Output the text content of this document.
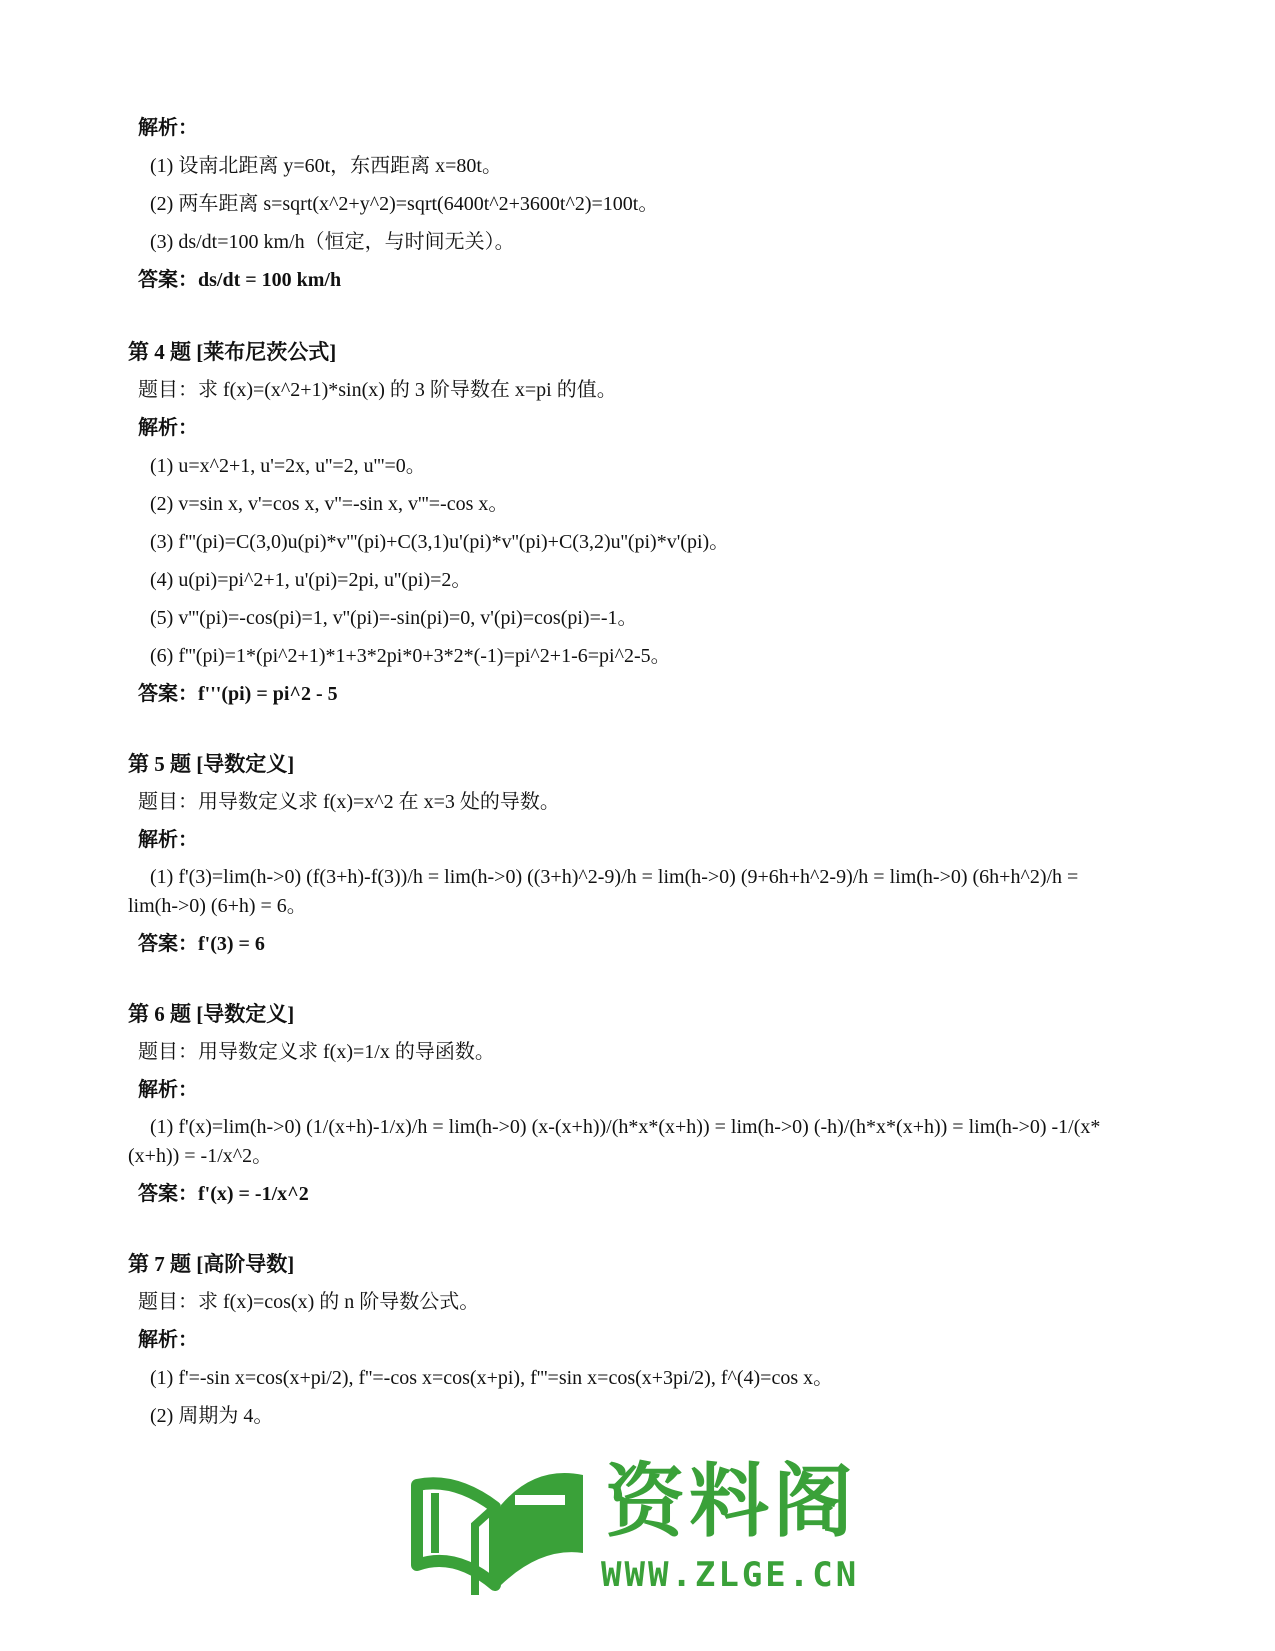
解析：
(1) 设南北距离 y=60t，东西距离 x=80t。
(2) 两车距离 s=sqrt(x^2+y^2)=sqrt(6400t^2+3600t^2)=100t。
(3) ds/dt=100 km/h（恒定，与时间无关）。
答案：ds/dt = 100 km/h
第 4 题 [莱布尼茨公式]
题目：求 f(x)=(x^2+1)*sin(x) 的 3 阶导数在 x=pi 的值。
解析：
(1) u=x^2+1, u'=2x, u''=2, u'''=0。
(2) v=sin x, v'=cos x, v''=-sin x, v'''=-cos x。
(3) f'''(pi)=C(3,0)u(pi)*v'''(pi)+C(3,1)u'(pi)*v''(pi)+C(3,2)u''(pi)*v'(pi)。
(4) u(pi)=pi^2+1, u'(pi)=2pi, u''(pi)=2。
(5) v'''(pi)=-cos(pi)=1, v''(pi)=-sin(pi)=0, v'(pi)=cos(pi)=-1。
(6) f'''(pi)=1*(pi^2+1)*1+3*2pi*0+3*2*(-1)=pi^2+1-6=pi^2-5。
答案：f'''(pi) = pi^2 - 5
第 5 题 [导数定义]
题目：用导数定义求 f(x)=x^2 在 x=3 处的导数。
解析：
(1) f'(3)=lim(h->0) (f(3+h)-f(3))/h = lim(h->0) ((3+h)^2-9)/h = lim(h->0) (9+6h+h^2-9)/h = lim(h->0) (6h+h^2)/h = lim(h->0) (6+h) = 6。
答案：f'(3) = 6
第 6 题 [导数定义]
题目：用导数定义求 f(x)=1/x 的导函数。
解析：
(1) f'(x)=lim(h->0) (1/(x+h)-1/x)/h = lim(h->0) (x-(x+h))/(h*x*(x+h)) = lim(h->0) (-h)/(h*x*(x+h)) = lim(h->0) -1/(x*(x+h)) = -1/x^2。
答案：f'(x) = -1/x^2
第 7 题 [高阶导数]
题目：求 f(x)=cos(x) 的 n 阶导数公式。
解析：
(1) f'=-sin x=cos(x+pi/2), f''=-cos x=cos(x+pi), f'''=sin x=cos(x+3pi/2), f^(4)=cos x。
(2) 周期为 4。
资料阁
WWW.ZLGE.CN
